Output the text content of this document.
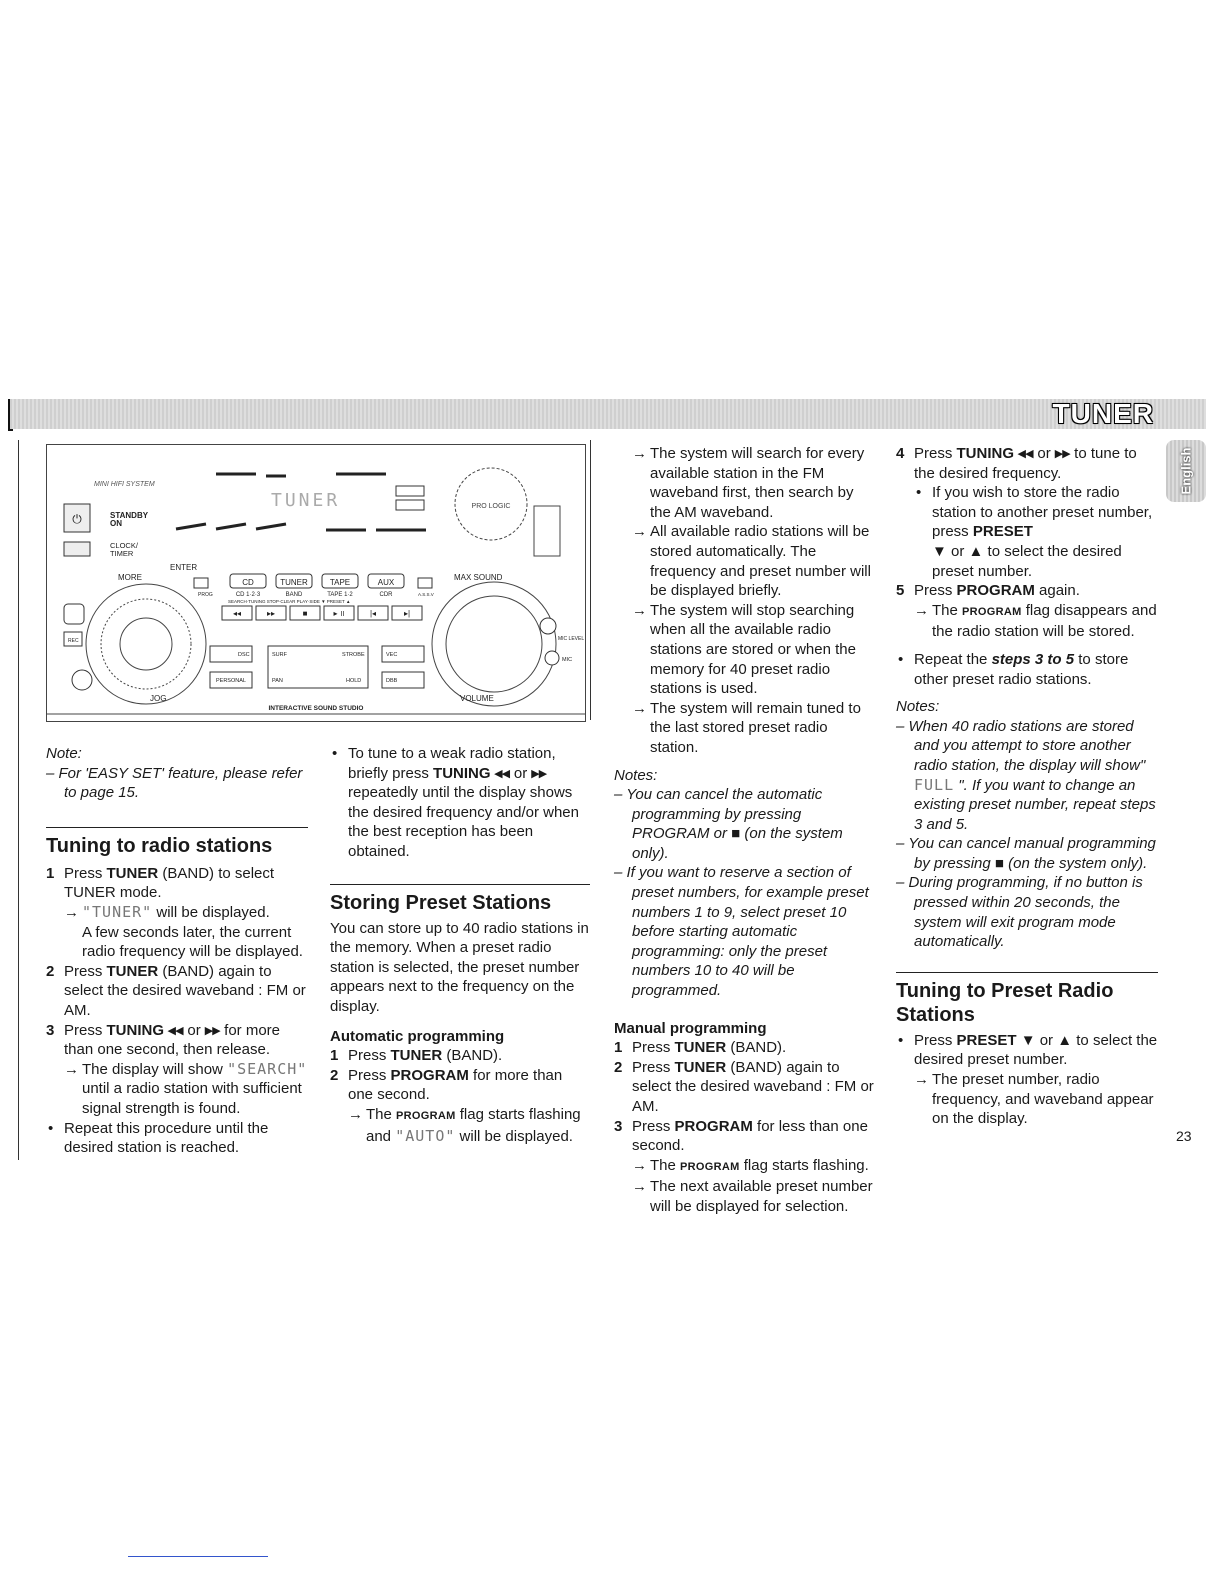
TUNER
English
MINI HIFI SYSTEM
⏻	STANDBY
ON
CLOCK/
TIMER
TUNER	PRO LOGIC
CD	TUNER	TAPE	AUX
PROG	CD 1·2·3	BAND	TAPE 1·2	CDR	A.S.S.V
SEARCH·TUNING STOP·CLEAR PLAY·SIDE ▼ PRESET ▲
◂◂	▸▸	■	▸ ॥	|◂	▸|
ENTER
MORE
JOG
MAX SOUND
VOLUME
DSC
PERSONAL
SURF	STROBE
PAN	HOLD
VEC
DBB
REC	MIC LEVEL
MIC
INTERACTIVE SOUND STUDIO

Note:

– For 'EASY SET' feature, please refer to page 15.

Tuning to radio stations

1 Press TUNER (BAND) to select TUNER mode.

→ "TUNER" will be displayed.

A few seconds later, the current radio frequency will be displayed.

2 Press TUNER (BAND) again to select the desired waveband : FM or AM.

3 Press TUNING ◂◂ or ▸▸ for more than one second, then release.

→ The display will show "SEARCH" until a radio station with sufficient signal strength is found.

• Repeat this procedure until the desired station is reached.

• To tune to a weak radio station, briefly press TUNING ◂◂ or ▸▸ repeatedly until the display shows the desired frequency and/or when the best reception has been obtained.

Storing Preset Stations

You can store up to 40 radio stations in the memory. When a preset radio station is selected, the preset number appears next to the frequency on the display.

Automatic programming

1 Press TUNER (BAND).

2 Press PROGRAM for more than one second.

→ The PROGRAM flag starts flashing and "AUTO" will be displayed.

→ The system will search for every available station in the FM waveband first, then search by the AM waveband.

→ All available radio stations will be stored automatically. The frequency and preset number will be displayed briefly.

→ The system will stop searching when all the available radio stations are stored or when the memory for 40 preset radio stations is used.

→ The system will remain tuned to the last stored preset radio station.

Notes:

– You can cancel the automatic programming by pressing PROGRAM or ■ (on the system only).

– If you want to reserve a section of preset numbers, for example preset numbers 1 to 9, select preset 10 before starting automatic programming: only the preset numbers 10 to 40 will be programmed.

Manual programming

1 Press TUNER (BAND).

2 Press TUNER (BAND) again to select the desired waveband : FM or AM.

3 Press PROGRAM for less than one second.

→ The PROGRAM flag starts flashing.

→ The next available preset number will be displayed for selection.

4 Press TUNING ◂◂ or ▸▸ to tune to the desired frequency.

• If you wish to store the radio station to another preset number, press PRESET
▼ or ▲ to select the desired preset number.

5 Press PROGRAM again.

→ The PROGRAM flag disappears and the radio station will be stored.

• Repeat the steps 3 to 5 to store other preset radio stations.

Notes:

– When 40 radio stations are stored and you attempt to store another radio station, the display will show" FULL ". If you want to change an existing preset number, repeat steps 3 and 5.

– You can cancel manual programming by pressing ■ (on the system only).

– During programming, if no button is pressed within 20 seconds, the system will exit program mode automatically.

Tuning to Preset Radio Stations

• Press PRESET ▼ or ▲ to select the desired preset number.

→ The preset number, radio frequency, and waveband appear on the display.

23
